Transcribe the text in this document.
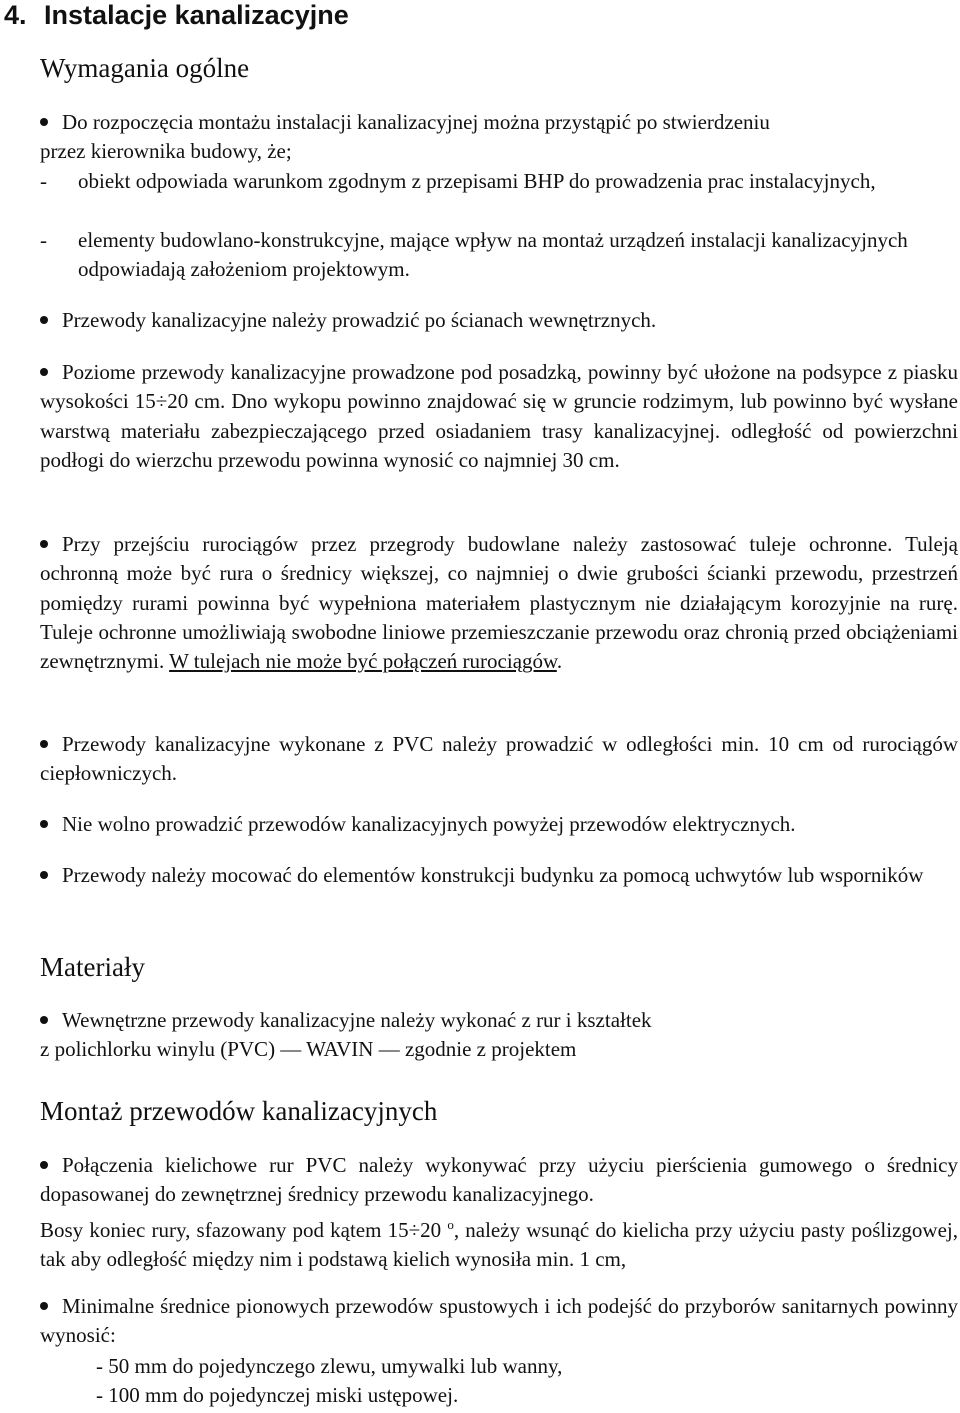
4. Instalacje kanalizacyjne
Wymagania ogólne

Do rozpoczęcia montażu instalacji kanalizacyjnej można przystąpić po stwierdzeniu
przez kierownika budowy, że;

- obiekt odpowiada warunkom zgodnym z przepisami BHP do prowadzenia prac instalacyjnych,

- elementy budowlano-konstrukcyjne, mające wpływ na montaż urządzeń instalacji kanalizacyjnych odpowiadają założeniom projektowym.

Przewody kanalizacyjne należy prowadzić po ścianach wewnętrznych.

Poziome przewody kanalizacyjne prowadzone pod posadzką, powinny być ułożone na podsypce z piasku wysokości 15÷20 cm. Dno wykopu powinno znajdować się w gruncie rodzimym, lub powinno być wysłane warstwą materiału zabezpieczającego przed osiadaniem trasy kanalizacyjnej. odległość od powierzchni podłogi do wierzchu przewodu powinna wynosić co najmniej 30 cm.

Przy przejściu rurociągów przez przegrody budowlane należy zastosować tuleje ochronne. Tuleją ochronną może być rura o średnicy większej, co najmniej o dwie grubości ścianki przewodu, przestrzeń pomiędzy rurami powinna być wypełniona materiałem plastycznym nie działającym korozyjnie na rurę. Tuleje ochronne umożliwiają swobodne liniowe przemieszczanie przewodu oraz chronią przed obciążeniami zewnętrznymi. W tulejach nie może być połączeń rurociągów.

Przewody kanalizacyjne wykonane z PVC należy prowadzić w odległości min. 10 cm od rurociągów ciepłowniczych.

Nie wolno prowadzić przewodów kanalizacyjnych powyżej przewodów elektrycznych.

Przewody należy mocować do elementów konstrukcji budynku za pomocą uchwytów lub wsporników

Materiały

Wewnętrzne przewody kanalizacyjne należy wykonać z rur i kształtek
z polichlorku winylu (PVC) — WAVIN — zgodnie z projektem

Montaż przewodów kanalizacyjnych

Połączenia kielichowe rur PVC należy wykonywać przy użyciu pierścienia gumowego o średnicy dopasowanej do zewnętrznej średnicy przewodu kanalizacyjnego.

Bosy koniec rury, sfazowany pod kątem 15÷20 $^o$, należy wsunąć do kielicha przy użyciu pasty poślizgowej, tak aby odległość między nim i podstawą kielich wynosiła min. 1 cm,

Minimalne średnice pionowych przewodów spustowych i ich podejść do przyborów sanitarnych powinny wynosić:

- 50 mm do pojedynczego zlewu, umywalki lub wanny,
- 100 mm do pojedynczej miski ustępowej.
